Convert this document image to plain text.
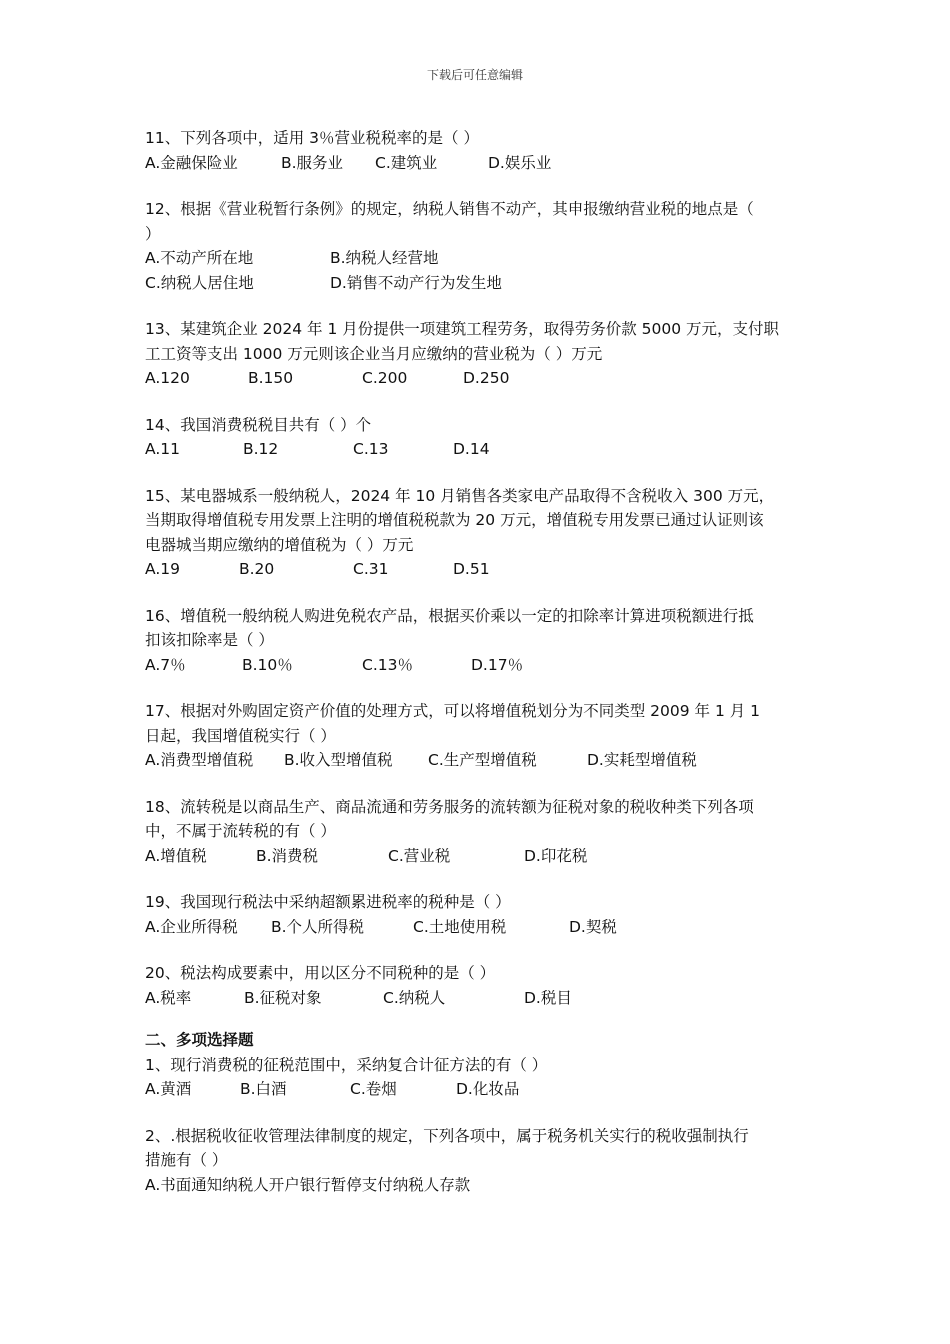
下载后可任意编辑
11、下列各项中，适用 3％营业税税率的是（ ）
A.金融保险业	B.服务业 C.建筑业	D.娱乐业
12、根据《营业税暂行条例》的规定，纳税人销售不动产，其申报缴纳营业税的地点是（
）
A.不动产所在地	B.纳税人经营地
C.纳税人居住地	D.销售不动产行为发生地
13、某建筑企业 2024 年 1 月份提供一项建筑工程劳务，取得劳务价款 5000 万元，支付职
工工资等支出 1000 万元则该企业当月应缴纳的营业税为（ ）万元
A.120	B.150	C.200	D.250
14、我国消费税税目共有（ ）个
A.11	B.12	C.13	D.14
15、某电器城系一般纳税人，2024 年 10 月销售各类家电产品取得不含税收入 300 万元，
当期取得增值税专用发票上注明的增值税税款为 20 万元，增值税专用发票已通过认证则该
电器城当期应缴纳的增值税为（ ）万元
A.19	B.20	C.31	D.51
16、增值税一般纳税人购进免税农产品，根据买价乘以一定的扣除率计算进项税额进行抵
扣该扣除率是（ ）
A.7％	B.10％	C.13％	D.17％
17、根据对外购固定资产价值的处理方式，可以将增值税划分为不同类型 2009 年 1 月 1
日起，我国增值税实行（ ）
A.消费型增值税 B.收入型增值税 C.生产型增值税	D.实耗型增值税
18、流转税是以商品生产、商品流通和劳务服务的流转额为征税对象的税收种类下列各项
中，不属于流转税的有（ ）
A.增值税	B.消费税	C.营业税	D.印花税
19、我国现行税法中采纳超额累进税率的税种是（ ）
A.企业所得税 B.个人所得税	C.土地使用税	D.契税
20、税法构成要素中，用以区分不同税种的是（ ）
A.税率	B.征税对象	C.纳税人	D.税目
二、多项选择题
1、现行消费税的征税范围中，采纳复合计征方法的有（ ）
A.黄酒	B.白酒	C.卷烟	D.化妆品
2、.根据税收征收管理法律制度的规定，下列各项中，属于税务机关实行的税收强制执行
措施有（ ）
A.书面通知纳税人开户银行暂停支付纳税人存款
